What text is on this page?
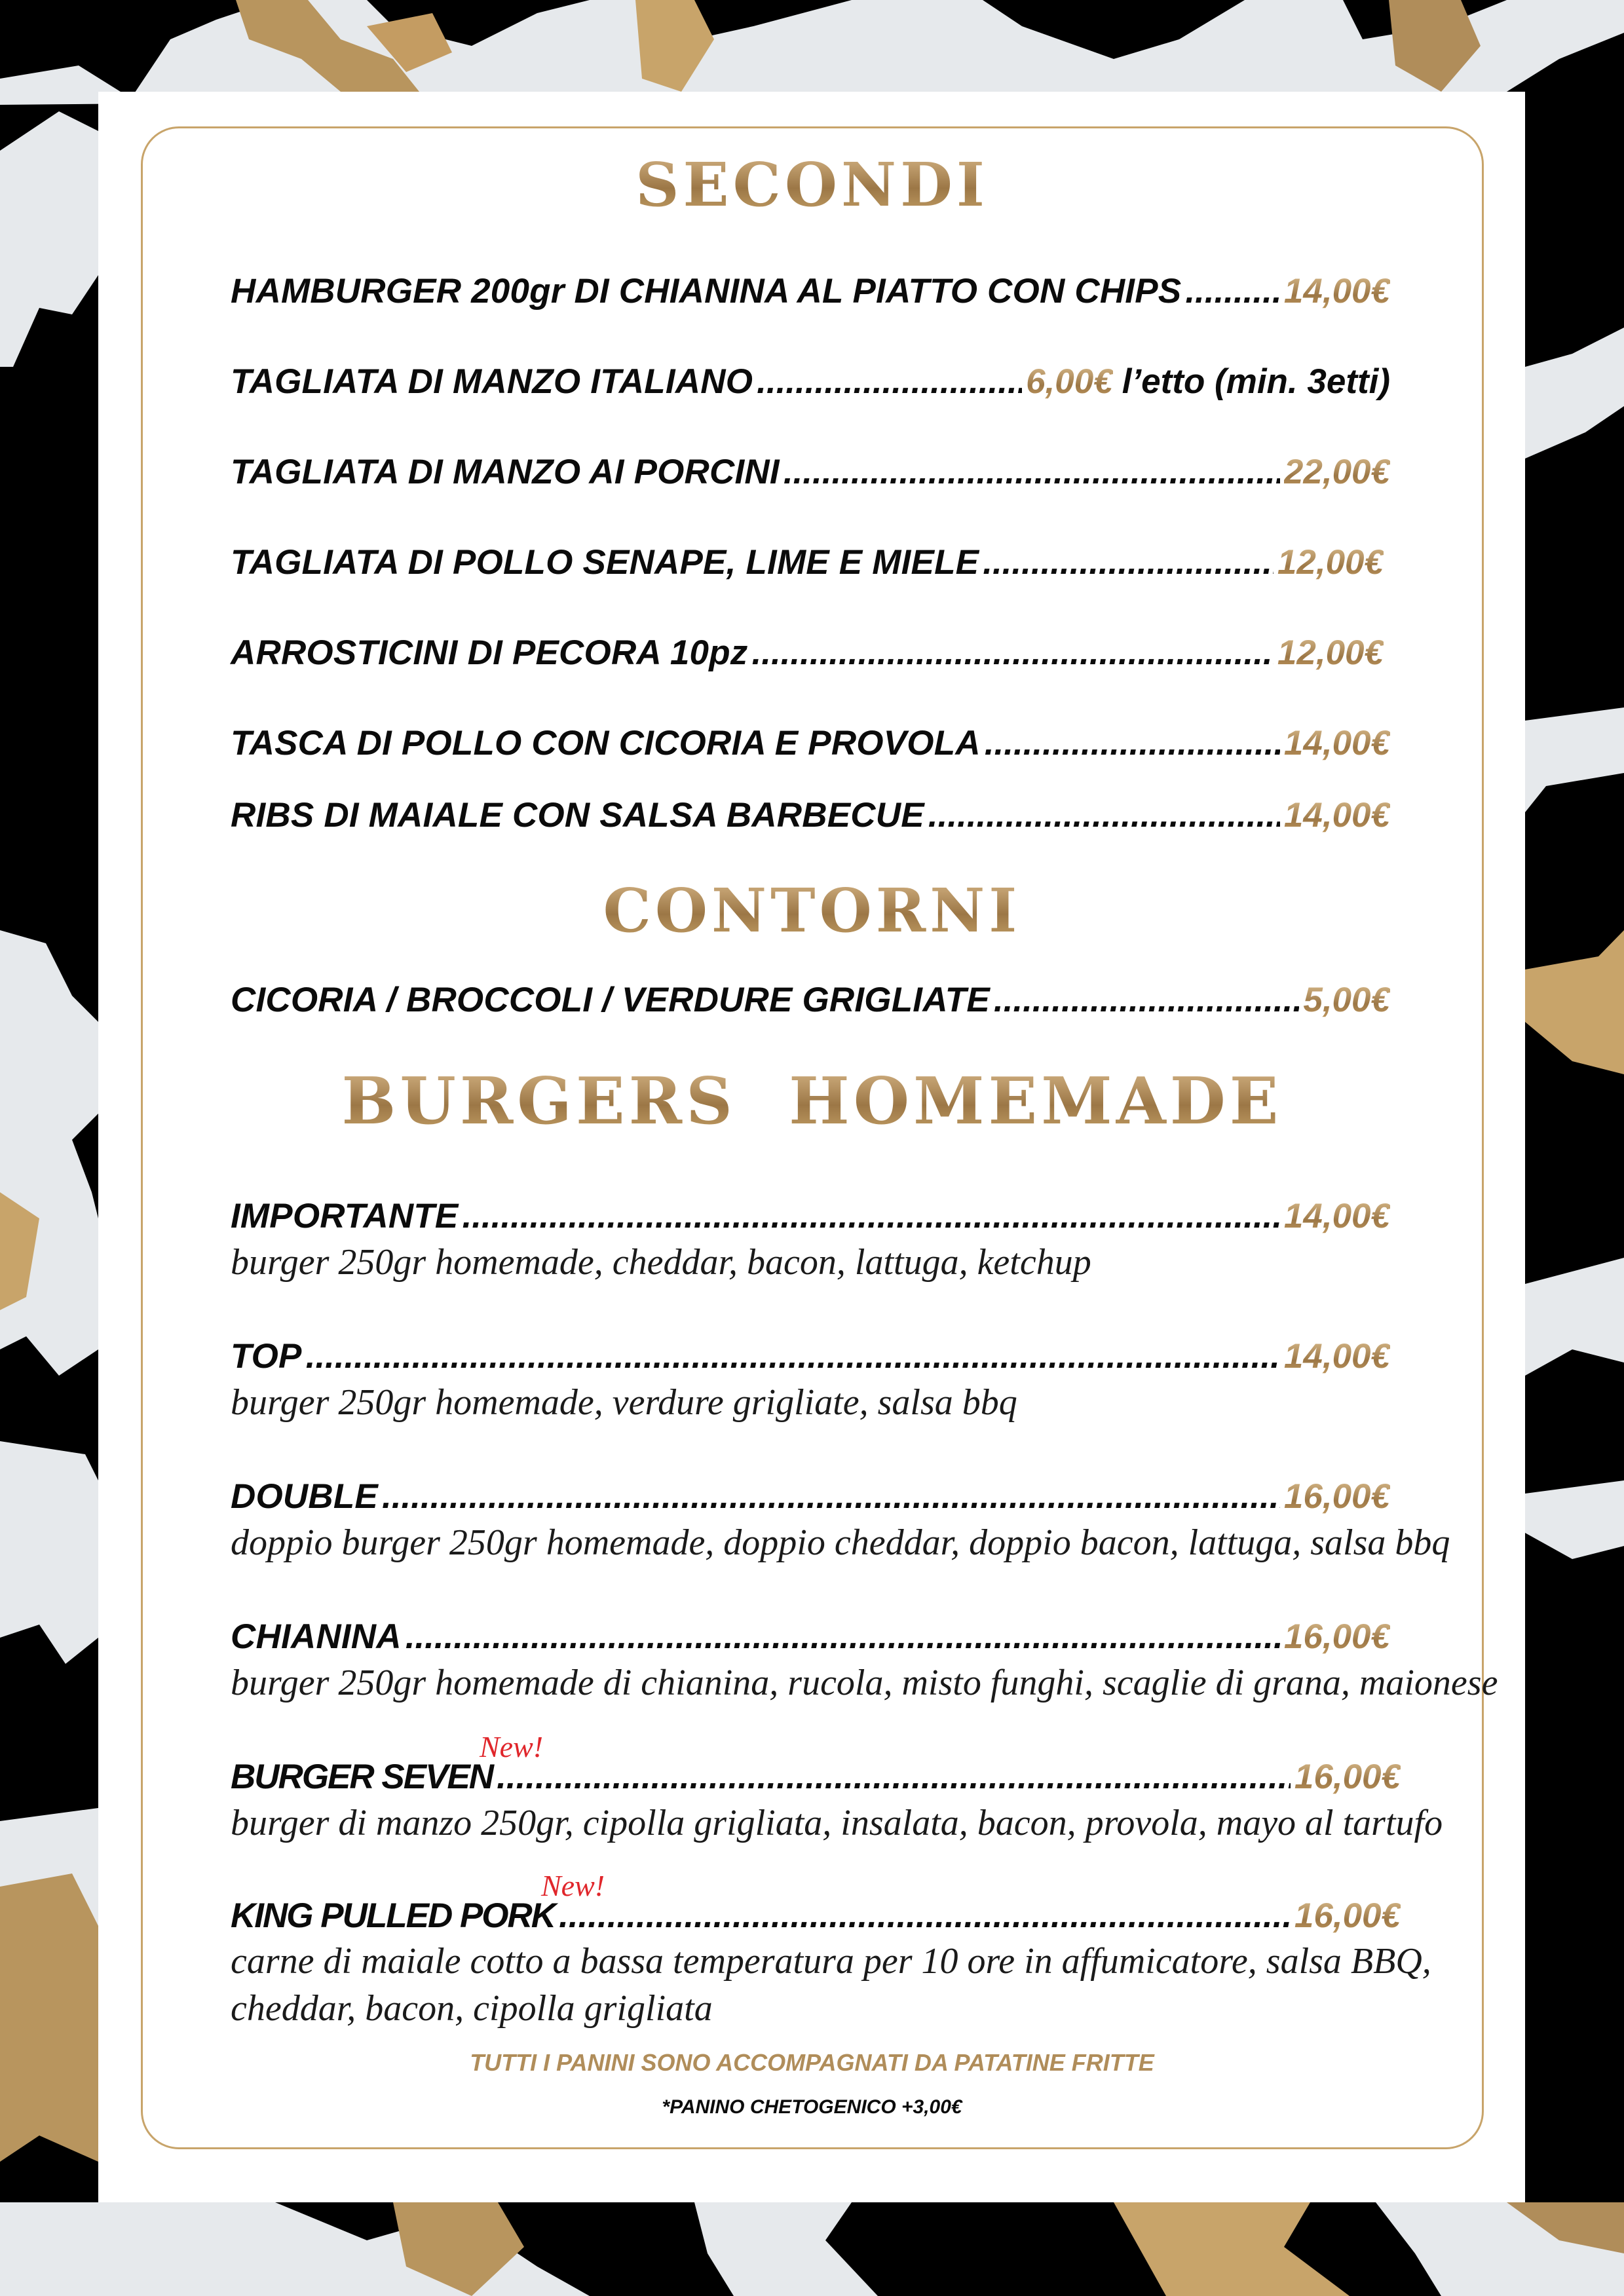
SECONDI
HAMBURGER 200gr DI CHIANINA AL PIATTO CON CHIPS .....	14,00€
TAGLIATA DI MANZO ITALIANO .....	6,00€ l’etto (min. 3etti)
TAGLIATA DI MANZO AI PORCINI .....	22,00€
TAGLIATA DI POLLO SENAPE, LIME E MIELE .....	12,00€
ARROSTICINI DI PECORA 10pz .....	12,00€
TASCA DI POLLO CON CICORIA E PROVOLA .....	14,00€
RIBS DI MAIALE CON SALSA BARBECUE .....	14,00€
CONTORNI
CICORIA / BROCCOLI / VERDURE GRIGLIATE .....	5,00€
BURGERS  HOMEMADE
IMPORTANTE .....	14,00€
burger 250gr homemade, cheddar, bacon, lattuga, ketchup
TOP .....	14,00€
burger 250gr homemade, verdure grigliate, salsa bbq
DOUBLE .....	16,00€
doppio burger 250gr homemade, doppio cheddar, doppio bacon, lattuga, salsa bbq
CHIANINA .....	16,00€
burger 250gr homemade di chianina, rucola, misto funghi, scaglie di grana, maionese
New!
BURGER SEVEN .....	16,00€
burger di manzo 250gr, cipolla grigliata, insalata, bacon, provola, mayo al tartufo
New!
KING PULLED PORK .....	16,00€
carne di maiale cotto a bassa temperatura per 10 ore in affumicatore, salsa BBQ,
cheddar, bacon, cipolla grigliata
TUTTI I PANINI SONO ACCOMPAGNATI DA PATATINE FRITTE
*PANINO CHETOGENICO +3,00€
